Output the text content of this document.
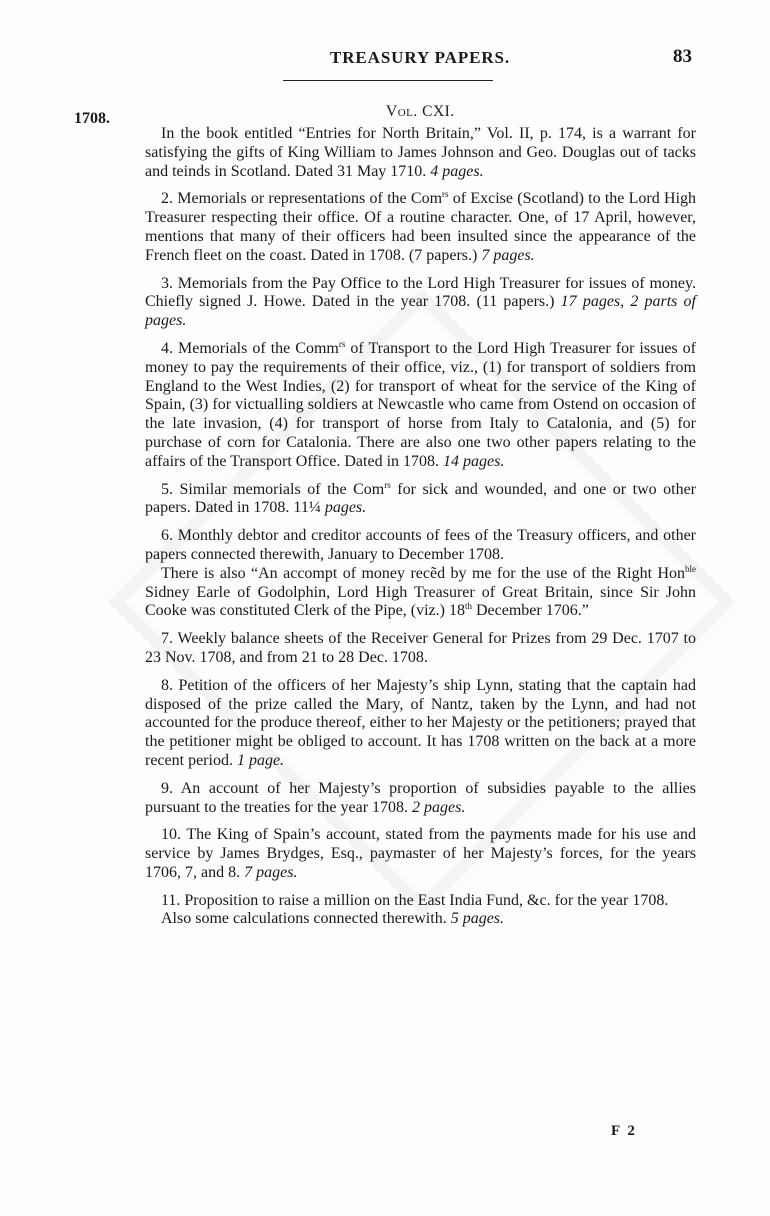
TREASURY PAPERS.	83
1708.	Vol. CXI.

In the book entitled “Entries for North Britain,” Vol. II, p. 174, is a warrant for satisfying the gifts of King William to James Johnson and Geo. Douglas out of tacks and teinds in Scotland. Dated 31 May 1710. 4 pages.

2. Memorials or representations of the Com$^{rs}$ of Excise (Scotland) to the Lord High Treasurer respecting their office. Of a routine character. One, of 17 April, however, mentions that many of their officers had been insulted since the appearance of the French fleet on the coast. Dated in 1708. (7 papers.) 7 pages.

3. Memorials from the Pay Office to the Lord High Treasurer for issues of money. Chiefly signed J. Howe. Dated in the year 1708. (11 papers.) 17 pages, 2 parts of pages.

4. Memorials of the Comm$^{rs}$ of Transport to the Lord High Treasurer for issues of money to pay the requirements of their office, viz., (1) for transport of soldiers from England to the West Indies, (2) for transport of wheat for the service of the King of Spain, (3) for victualling soldiers at Newcastle who came from Ostend on occasion of the late invasion, (4) for transport of horse from Italy to Catalonia, and (5) for purchase of corn for Catalonia. There are also one two other papers relating to the affairs of the Transport Office. Dated in 1708. 14 pages.

5. Similar memorials of the Com$^{rs}$ for sick and wounded, and one or two other papers. Dated in 1708. 11¼ pages.

6. Monthly debtor and creditor accounts of fees of the Treasury officers, and other papers connected therewith, January to December 1708.

There is also “An accompt of money recẽd by me for the use of the Right Hon$^{ble}$ Sidney Earle of Godolphin, Lord High Treasurer of Great Britain, since Sir John Cooke was constituted Clerk of the Pipe, (viz.) 18th December 1706.”

7. Weekly balance sheets of the Receiver General for Prizes from 29 Dec. 1707 to 23 Nov. 1708, and from 21 to 28 Dec. 1708.

8. Petition of the officers of her Majesty’s ship Lynn, stating that the captain had disposed of the prize called the Mary, of Nantz, taken by the Lynn, and had not accounted for the produce thereof, either to her Majesty or the petitioners; prayed that the petitioner might be obliged to account. It has 1708 written on the back at a more recent period. 1 page.

9. An account of her Majesty’s proportion of subsidies payable to the allies pursuant to the treaties for the year 1708. 2 pages.

10. The King of Spain’s account, stated from the payments made for his use and service by James Brydges, Esq., paymaster of her Majesty’s forces, for the years 1706, 7, and 8. 7 pages.

11. Proposition to raise a million on the East India Fund, &c. for the year 1708.

Also some calculations connected therewith. 5 pages.

F 2
